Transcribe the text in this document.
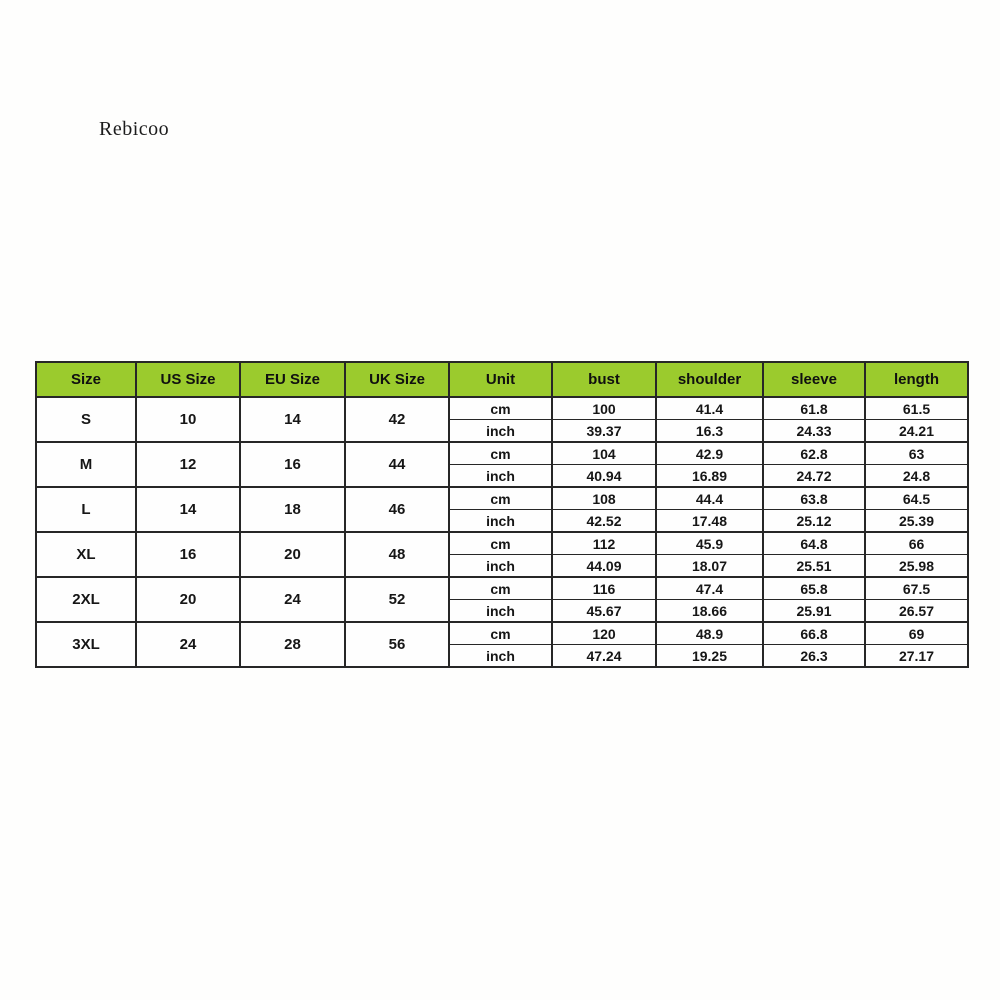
Rebicoo
Size	US Size	EU Size	UK Size	Unit	bust	shoulder	sleeve	length
S	10	14	42	cm	100	41.4	61.8	61.5
				inch	39.37	16.3	24.33	24.21
M	12	16	44	cm	104	42.9	62.8	63
				inch	40.94	16.89	24.72	24.8
L	14	18	46	cm	108	44.4	63.8	64.5
				inch	42.52	17.48	25.12	25.39
XL	16	20	48	cm	112	45.9	64.8	66
				inch	44.09	18.07	25.51	25.98
2XL	20	24	52	cm	116	47.4	65.8	67.5
				inch	45.67	18.66	25.91	26.57
3XL	24	28	56	cm	120	48.9	66.8	69
				inch	47.24	19.25	26.3	27.17
